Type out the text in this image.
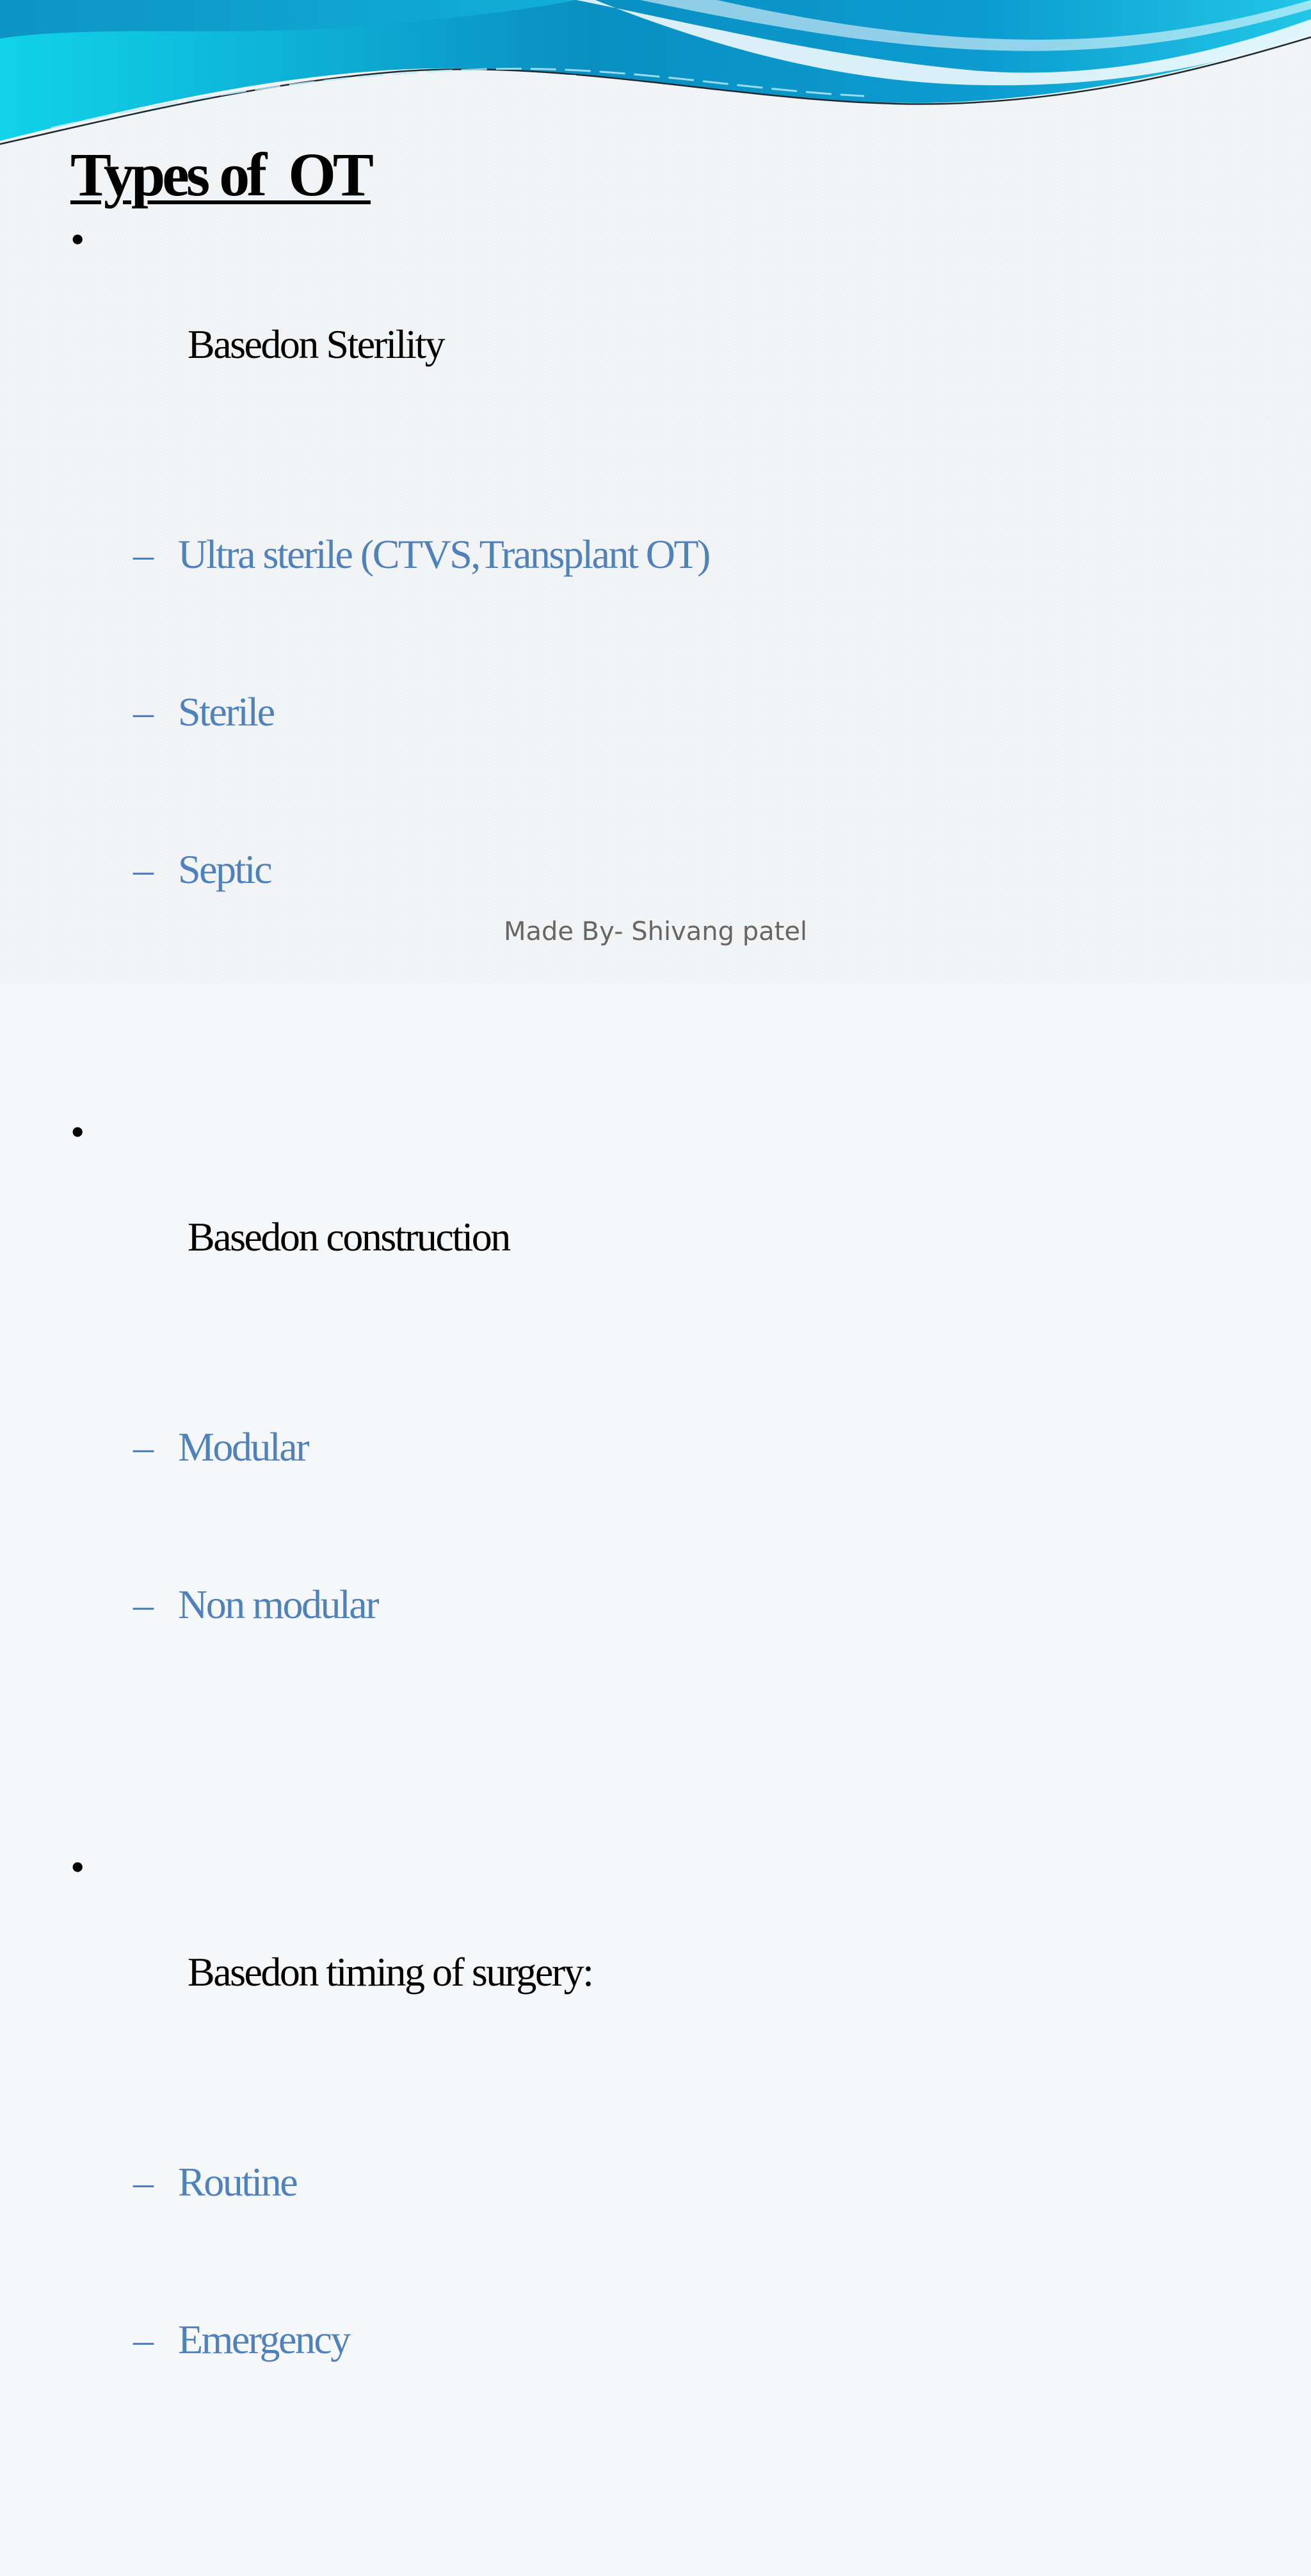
Types of  OT

•

Basedon Sterility

– Ultra sterile (CTVS,Transplant OT)

– Sterile

– Septic

•

Basedon construction

– Modular

– Non modular

•

Basedon timing of surgery:

– Routine

– Emergency

Made By- Shivang patel
